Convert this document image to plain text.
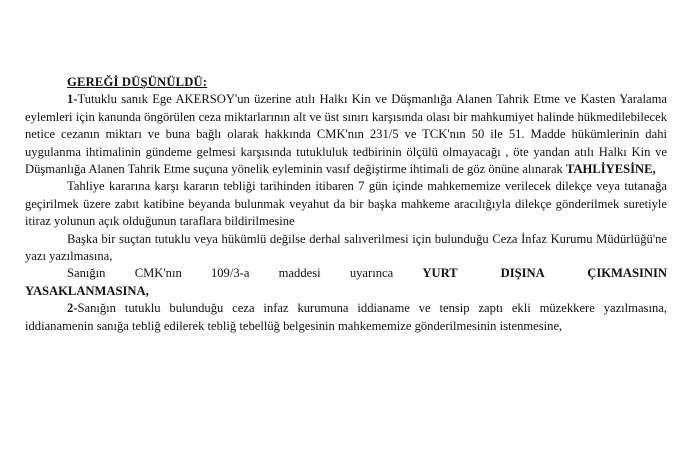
GEREĞİ DÜŞÜNÜLDÜ:

1-Tutuklu sanık Ege AKERSOY'un üzerine atılı Halkı Kin ve Düşmanlığa Alanen Tahrik Etme ve Kasten Yaralama eylemleri için kanunda öngörülen ceza miktarlarının alt ve üst sınırı karşısında olası bir mahkumiyet halinde hükmedilebilecek netice cezanın miktarı ve buna bağlı olarak hakkında CMK'nın 231/5 ve TCK'nın 50 ile 51. Madde hükümlerinin dahi uygulanma ihtimalinin gündeme gelmesi karşısında tutukluluk tedbirinin ölçülü olmayacağı , öte yandan atılı Halkı Kin ve Düşmanlığa Alanen Tahrik Etme suçuna yönelik eyleminin vasıf değiştirme ihtimali de göz önüne alınarak TAHLİYESİNE,

Tahliye kararına karşı kararın tebliği tarihinden itibaren 7 gün içinde mahkememize verilecek dilekçe veya tutanağa geçirilmek üzere zabıt katibine beyanda bulunmak veyahut da bir başka mahkeme aracılığıyla dilekçe gönderilmek suretiyle itiraz yolunun açık olduğunun taraflara bildirilmesine

Başka bir suçtan tutuklu veya hükümlü değilse derhal salıverilmesi için bulunduğu Ceza İnfaz Kurumu Müdürlüğü'ne yazı yazılmasına,

Sanığın CMK'nın 109/3-a maddesi uyarınca YURT DIŞINA ÇIKMASININ

YASAKLANMASINA,

2-Sanığın tutuklu bulunduğu ceza infaz kurumuna iddianame ve tensip zaptı ekli müzekkere yazılmasına, iddianamenin sanığa tebliğ edilerek tebliğ tebellüğ belgesinin mahkememize gönderilmesinin istenmesine,
